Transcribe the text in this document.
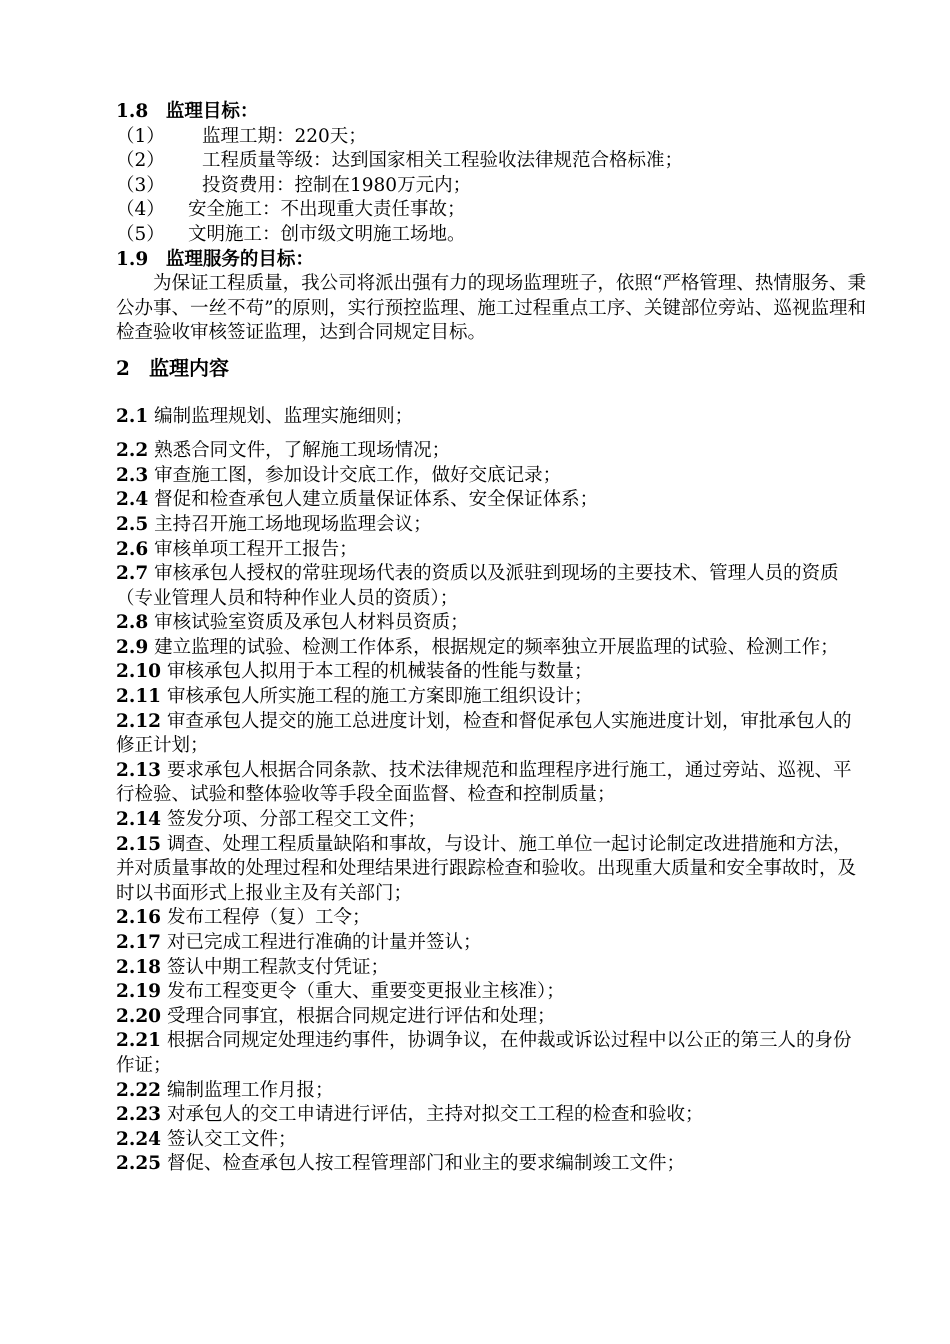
1.8 监理目标：
（1） 监理工期：220天；
（2） 工程质量等级：达到国家相关工程验收法律规范合格标准；
（3） 投资费用：控制在1980万元内；
（4） 安全施工：不出现重大责任事故；
（5） 文明施工：创市级文明施工场地。
1.9 监理服务的目标：
为保证工程质量，我公司将派出强有力的现场监理班子，依照“严格管理、热情服务、秉公办事、一丝不苟”的原则，实行预控监理、施工过程重点工序、关键部位旁站、巡视监理和检查验收审核签证监理，达到合同规定目标。
2 监理内容
2.1 编制监理规划、监理实施细则；
2.2 熟悉合同文件，了解施工现场情况；
2.3 审查施工图，参加设计交底工作，做好交底记录；
2.4 督促和检查承包人建立质量保证体系、安全保证体系；
2.5 主持召开施工场地现场监理会议；
2.6 审核单项工程开工报告；
2.7 审核承包人授权的常驻现场代表的资质以及派驻到现场的主要技术、管理人员的资质（专业管理人员和特种作业人员的资质）；
2.8 审核试验室资质及承包人材料员资质；
2.9 建立监理的试验、检测工作体系，根据规定的频率独立开展监理的试验、检测工作；
2.10 审核承包人拟用于本工程的机械装备的性能与数量；
2.11 审核承包人所实施工程的施工方案即施工组织设计；
2.12 审查承包人提交的施工总进度计划，检查和督促承包人实施进度计划，审批承包人的修正计划；
2.13 要求承包人根据合同条款、技术法律规范和监理程序进行施工，通过旁站、巡视、平行检验、试验和整体验收等手段全面监督、检查和控制质量；
2.14 签发分项、分部工程交工文件；
2.15 调查、处理工程质量缺陷和事故，与设计、施工单位一起讨论制定改进措施和方法，并对质量事故的处理过程和处理结果进行跟踪检查和验收。出现重大质量和安全事故时，及时以书面形式上报业主及有关部门；
2.16 发布工程停（复）工令；
2.17 对已完成工程进行准确的计量并签认；
2.18 签认中期工程款支付凭证；
2.19 发布工程变更令（重大、重要变更报业主核准）；
2.20 受理合同事宜，根据合同规定进行评估和处理；
2.21 根据合同规定处理违约事件，协调争议，在仲裁或诉讼过程中以公正的第三人的身份作证；
2.22 编制监理工作月报；
2.23 对承包人的交工申请进行评估，主持对拟交工工程的检查和验收；
2.24 签认交工文件；
2.25 督促、检查承包人按工程管理部门和业主的要求编制竣工文件；
